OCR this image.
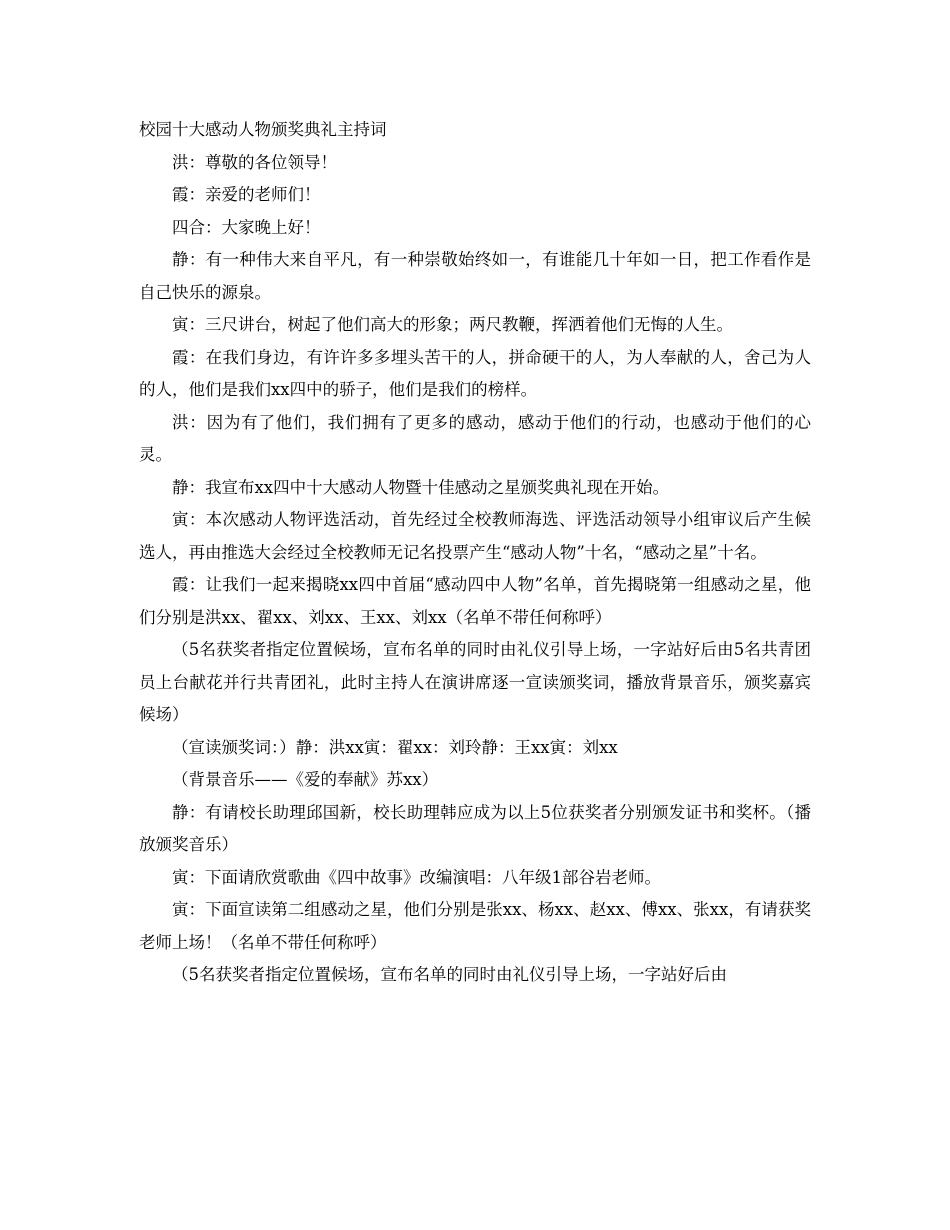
校园十大感动人物颁奖典礼主持词

洪：尊敬的各位领导！

霞：亲爱的老师们！

四合：大家晚上好！

静：有一种伟大来自平凡，有一种崇敬始终如一，有谁能几十年如一日，把工作看作是自己快乐的源泉。

寅：三尺讲台，树起了他们高大的形象；两尺教鞭，挥洒着他们无悔的人生。

霞：在我们身边，有许许多多埋头苦干的人，拼命硬干的人，为人奉献的人，舍己为人的人，他们是我们xx四中的骄子，他们是我们的榜样。

洪：因为有了他们，我们拥有了更多的感动，感动于他们的行动，也感动于他们的心灵。

静：我宣布xx四中十大感动人物暨十佳感动之星颁奖典礼现在开始。

寅：本次感动人物评选活动，首先经过全校教师海选、评选活动领导小组审议后产生候选人，再由推选大会经过全校教师无记名投票产生“感动人物”十名，“感动之星”十名。

霞：让我们一起来揭晓xx四中首届“感动四中人物”名单，首先揭晓第一组感动之星，他们分别是洪xx、翟xx、刘xx、王xx、刘xx（名单不带任何称呼）

（5名获奖者指定位置候场，宣布名单的同时由礼仪引导上场，一字站好后由5名共青团员上台献花并行共青团礼，此时主持人在演讲席逐一宣读颁奖词，播放背景音乐，颁奖嘉宾候场）

（宣读颁奖词：）静：洪xx寅：翟xx：刘玲静：王xx寅：刘xx

（背景音乐——《爱的奉献》苏xx）

静：有请校长助理邱国新，校长助理韩应成为以上5位获奖者分别颁发证书和奖杯。（播放颁奖音乐）

寅：下面请欣赏歌曲《四中故事》改编演唱：八年级1部谷岩老师。

寅：下面宣读第二组感动之星，他们分别是张xx、杨xx、赵xx、傅xx、张xx，有请获奖老师上场！（名单不带任何称呼）

（5名获奖者指定位置候场，宣布名单的同时由礼仪引导上场，一字站好后由
